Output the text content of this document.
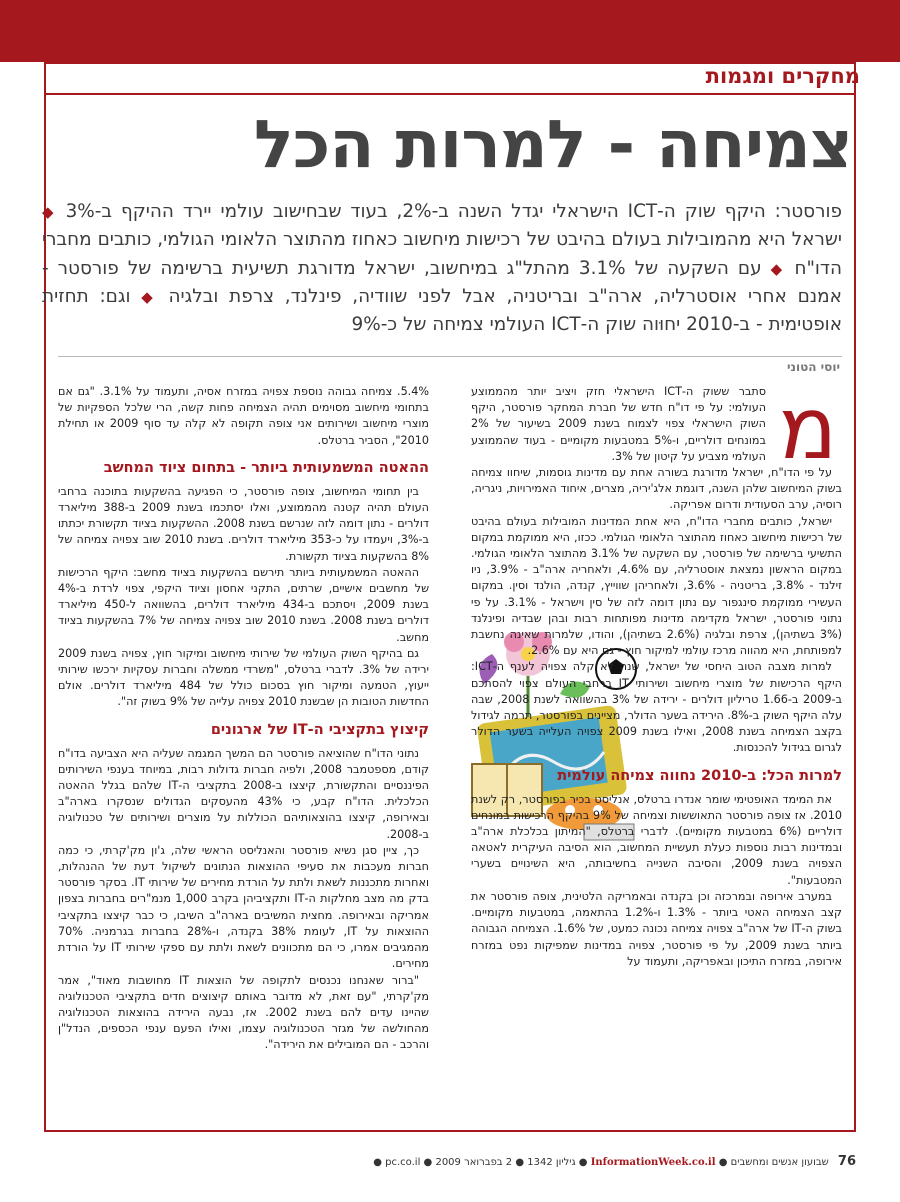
מחקרים ומגמות
צמיחה - למרות הכל
פורסטר: היקף שוק ה-ICT הישראלי יגדל השנה ב-2%, בעוד שבחישוב עולמי יירד ההיקף ב-3% ◆ ישראל היא מהמובילות בעולם בהיבט של רכישות מיחשוב כאחוז מהתוצר הלאומי הגולמי, כותבים מחברי הדו"ח ◆ עם השקעה של 3.1% מהתל"ג במיחשוב, ישראל מדורגת תשיעית ברשימה של פורסטר - אמנם אחרי אוסטרליה, ארה"ב ובריטניה, אבל לפני שוודיה, פינלנד, צרפת ובלגיה ◆ וגם: תחזית אופטימית - ב-2010 יחוּוה שוק ה-ICT העולמי צמיחה של כ-9%
יוסי הטוני
מ

סתבר ששוק ה-ICT הישראלי חזק ויציב יותר מהממוצע העולמי: על פי דו"ח חדש של חברת המחקר פורסטר, היקף השוק הישראלי צפוי לצמוח בשנת 2009 בשיעור של 2% במונחים דולריים, ו-5% במטבעות מקומיים - בעוד שהממוצע העולמי מצביע על קיטון של 3%.

על פי הדו"ח, ישראל מדורגת בשורה אחת עם מדינות גוסמות, שיחוו צמיחה בשוק המיחשוב שלהן השנה, דוגמת אלג'יריה, מצרים, איחוד האמירויות, ניגריה, רוסיה, ערב הסעודית ודרום אפריקה.

ישראל, כותבים מחברי הדו"ח, היא אחת המדינות המובילות בעולם בהיבט של רכישות מיחשוב כאחוז מהתוצר הלאומי הגולמי. ככזו, היא ממוקמת במקום התשיעי ברשימה של פורסטר, עם השקעה של 3.1% מהתוצר הלאומי הגולמי. במקום הראשון נמצאת אוסטרליה, עם 4.6%, ולאחריה ארה"ב - 3.9%, ניו זילנד - 3.8%, בריטניה - 3.6%, ולאחריהן שווייץ, קנדה, הולנד וסין. במקום העשירי ממוקמת סינגפור עם נתון דומה לזה של סין וישראל - 3.1%. על פי נתוני פורסטר, ישראל מקדימה מדינות מפותחות רבות ובהן שבדיה ופינלנד (3% בשתיהן), צרפת ובלגיה (2.6% בשתיהן), והודו, שלמרות שאינה נחשבת למפותחת, היא מהווה מרכז עולמי למיקור חוץ - גם היא עם 2.6%.

למרות מצבה הטוב היחסי של ישראל, שנה לא קלה צפויה לענף ה-ICT: היקף הרכישות של מוצרי מיחשוב ושירותי IT ברחבי העולם צפוי להסתכם ב-2009 ב-1.66 טריליון דולרים - ירידה של 3% בהשוואה לשנת 2008, שבה עלה היקף השוק ב-8%. הירידה בשער הדולר, מציינים בפורסטר, תרמה לגידול בקצב הצמיחה בשנת 2008, ואילו בשנת 2009 צפויה העלייה בשער הדולר לגרום בגידול להכנסות.

למרות הכל: ב-2010 נחווה צמיחה עולמית

את המימד האופטימי שומר אנדרו ברטלס, אנליסט בכיר בפורסטר, רק לשנת 2010. אז צופה פורסטר התאוששות וצמיחה של 9% בהיקף הרכישות במונחים דולריים (6% במטבעות מקומיים). לדברי ברטלס, "המיתון בכלכלת ארה"ב ובמדינות רבות נוספות כעלת תעשיית המחשוב, הוא הסיבה העיקרית לאטאה הצפויה בשנת 2009, והסיבה השנייה בחשיבותה, היא השינויים בשערי המטבעות".

במערב אירופה ובמרכזה וכן בקנדה ובאמריקה הלטינית, צופה פורסטר את קצב הצמיחה האטי ביותר - 1.3% ו-1.2% בהתאמה, במטבעות מקומיים. בשוק ה-IT של ארה"ב צפויה צמיחה נכונה כמעט, של 1.6%. הצמיחה הגבוהה ביותר בשנת 2009, על פי פורסטר, צפויה במדינות שמפיקות נפט במזרח אירופה, במזרח התיכון ובאפריקה, ותעמוד על

5.4%. צמיחה גבוהה נוספת צפויה במזרח אסיה, ותעמוד על 3.1%. "גם אם בתחומי מיחשוב מסוימים תהיה הצמיחה פחות קשה, הרי שלכל הספקיות של מוצרי מיחשוב ושירותים אני צופה תקופה לא קלה עד סוף 2009 או תחילת 2010", הסביר ברטלס.

ההאטה המשמעותית ביותר - בתחום ציוד המחשב

בין תחומי המיחשוב, צופה פורסטר, כי הפגיעה בהשקעות בתוכנה ברחבי העולם תהיה קטנה מהממוצע, ואלו יסתכמו בשנת 2009 ב-388 מיליארד דולרים - נתון דומה לזה שנרשם בשנת 2008. ההשקעות בציוד תקשורת יכתתו ב-3%, ויעמדו על כ-353 מיליארד דולרים. בשנת 2010 שוב צפויה צמיחה של 8% בהשקעות בציוד תקשורת.

ההאטה המשמעותית ביותר תירשם בהשקעות בציוד מחשב: היקף הרכישות של מחשבים אישיים, שרתים, התקני אחסון וציוד היקפי, צפוי לרדת ב-4% בשנת 2009, ויסתכם ב-434 מיליארד דולרים, בהשוואה ל-450 מיליארד דולרים בשנת 2008. בשנת 2010 שוב צפויה צמיחה של 7% בהשקעות בציוד מחשב.

גם בהיקף השוק העולמי של שירותי מיחשוב ומיקור חוץ, צפויה בשנת 2009 ירידה של 3%. לדברי ברטלס, "משרדי ממשלה וחברות עסקיות ירכשו שירותי ייעוץ, הטמעה ומיקור חוץ בסכום כולל של 484 מיליארד דולרים. אולם החדשות הטובות הן שבשנת 2010 צפויה עלייה של 9% בשוק זה".

קיצוץ בתקציבי ה-IT של ארגונים

נתוני הדו"ח שהוציאה פורסטר הם המשך המגמה שעליה היא הצביעה בדו"ח קודם, מספטמבר 2008, ולפיה חברות גדולות רבות, במיוחד בענפי השירותים הפיננסיים והתקשורת, קיצצו ב-2008 בתקציבי ה-IT שלהם בגלל ההאטה הכלכלית. הדו"ח קבע, כי 43% מהעסקים הגדולים שנסקרו בארה"ב ובאירופה, קיצצו בהוצאותיהם הכוללות על מוצרים ושירותים של טכנולוגיה ב-2008.

כך, ציין סגן נשיא פורסטר והאנליסט הראשי שלה, ג'ון מק'קרתי, כי כמה חברות מעכבות את סעיפי ההוצאות הנתונים לשיקול דעת של ההנהלות, ואחרות מתכננות לשאת ולתת על הורדת מחירים של שירותי IT. בסקר פורסטר בדק מה מצב מחלקות ה-IT ותקציביהן בקרב 1,000 מנמ"רים בחברות בצפון אמריקה ובאירופה. מחצית המשיבים בארה"ב השיבו, כי כבר קיצצו בתקציבי ההוצאות על IT, לעומת 38% בקנדה, ו-28% בחברות בגרמניה. 70% מהמגיבים אמרו, כי הם מתכוונים לשאת ולתת עם ספקי שירותי IT על הורדת מחירים.

"ברור שאנחנו נכנסים לתקופה של הוצאות IT מחושבות מאוד", אמר מק'קרתי, "עם זאת, לא מדובר באותם קיצוצים חדים בתקציבי הטכנולוגיה שהיינו עדים להם בשנת 2002. אז, נבעה הירידה בהוצאות הטכנולוגיה מהחולשה של מגזר הטכנולוגיה עצמו, ואילו הפעם ענפי הכספים, הנדל"ן והרכב - הם המובילים את הירידה".

76 שבועון אנשים ומחשבים ● InformationWeek.co.il ● גיליון 1342 ● 2 בפברואר 2009 ● pc.co.il ●
